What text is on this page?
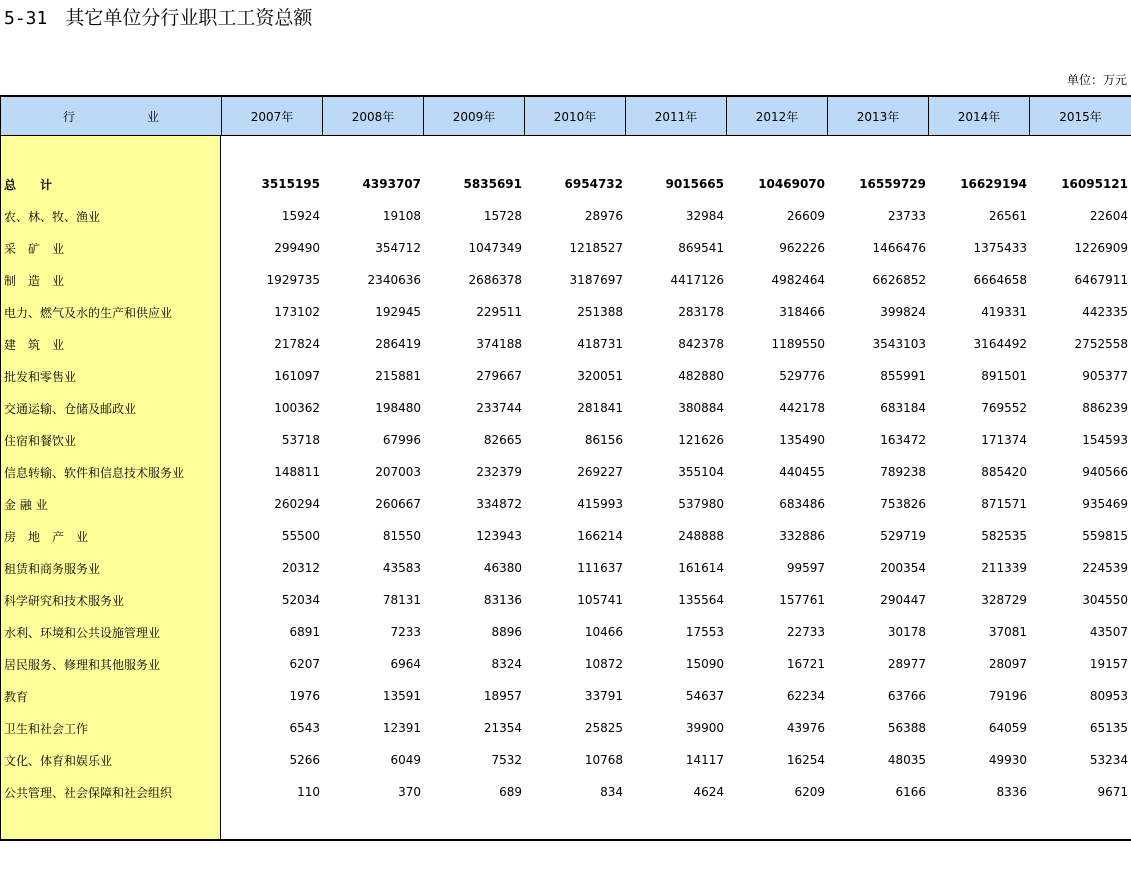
5-31 其它单位分行业职工工资总额
单位：万元
行　业	2007年	2008年	2009年	2010年	2011年	2012年	2013年	2014年	2015年
总　　计	3515195	4393707	5835691	6954732	9015665	10469070	16559729	16629194	16095121
农、林、牧、渔业	15924	19108	15728	28976	32984	26609	23733	26561	22604
采　矿　业	299490	354712	1047349	1218527	869541	962226	1466476	1375433	1226909
制　造　业	1929735	2340636	2686378	3187697	4417126	4982464	6626852	6664658	6467911
电力、燃气及水的生产和供应业	173102	192945	229511	251388	283178	318466	399824	419331	442335
建　筑　业	217824	286419	374188	418731	842378	1189550	3543103	3164492	2752558
批发和零售业	161097	215881	279667	320051	482880	529776	855991	891501	905377
交通运输、仓储及邮政业	100362	198480	233744	281841	380884	442178	683184	769552	886239
住宿和餐饮业	53718	67996	82665	86156	121626	135490	163472	171374	154593
信息转输、软件和信息技术服务业	148811	207003	232379	269227	355104	440455	789238	885420	940566
金 融 业	260294	260667	334872	415993	537980	683486	753826	871571	935469
房　地　产　业	55500	81550	123943	166214	248888	332886	529719	582535	559815
租赁和商务服务业	20312	43583	46380	111637	161614	99597	200354	211339	224539
科学研究和技术服务业	52034	78131	83136	105741	135564	157761	290447	328729	304550
水利、环境和公共设施管理业	6891	7233	8896	10466	17553	22733	30178	37081	43507
居民服务、修理和其他服务业	6207	6964	8324	10872	15090	16721	28977	28097	19157
教育	1976	13591	18957	33791	54637	62234	63766	79196	80953
卫生和社会工作	6543	12391	21354	25825	39900	43976	56388	64059	65135
文化、体育和娱乐业	5266	6049	7532	10768	14117	16254	48035	49930	53234
公共管理、社会保障和社会组织	110	370	689	834	4624	6209	6166	8336	9671
